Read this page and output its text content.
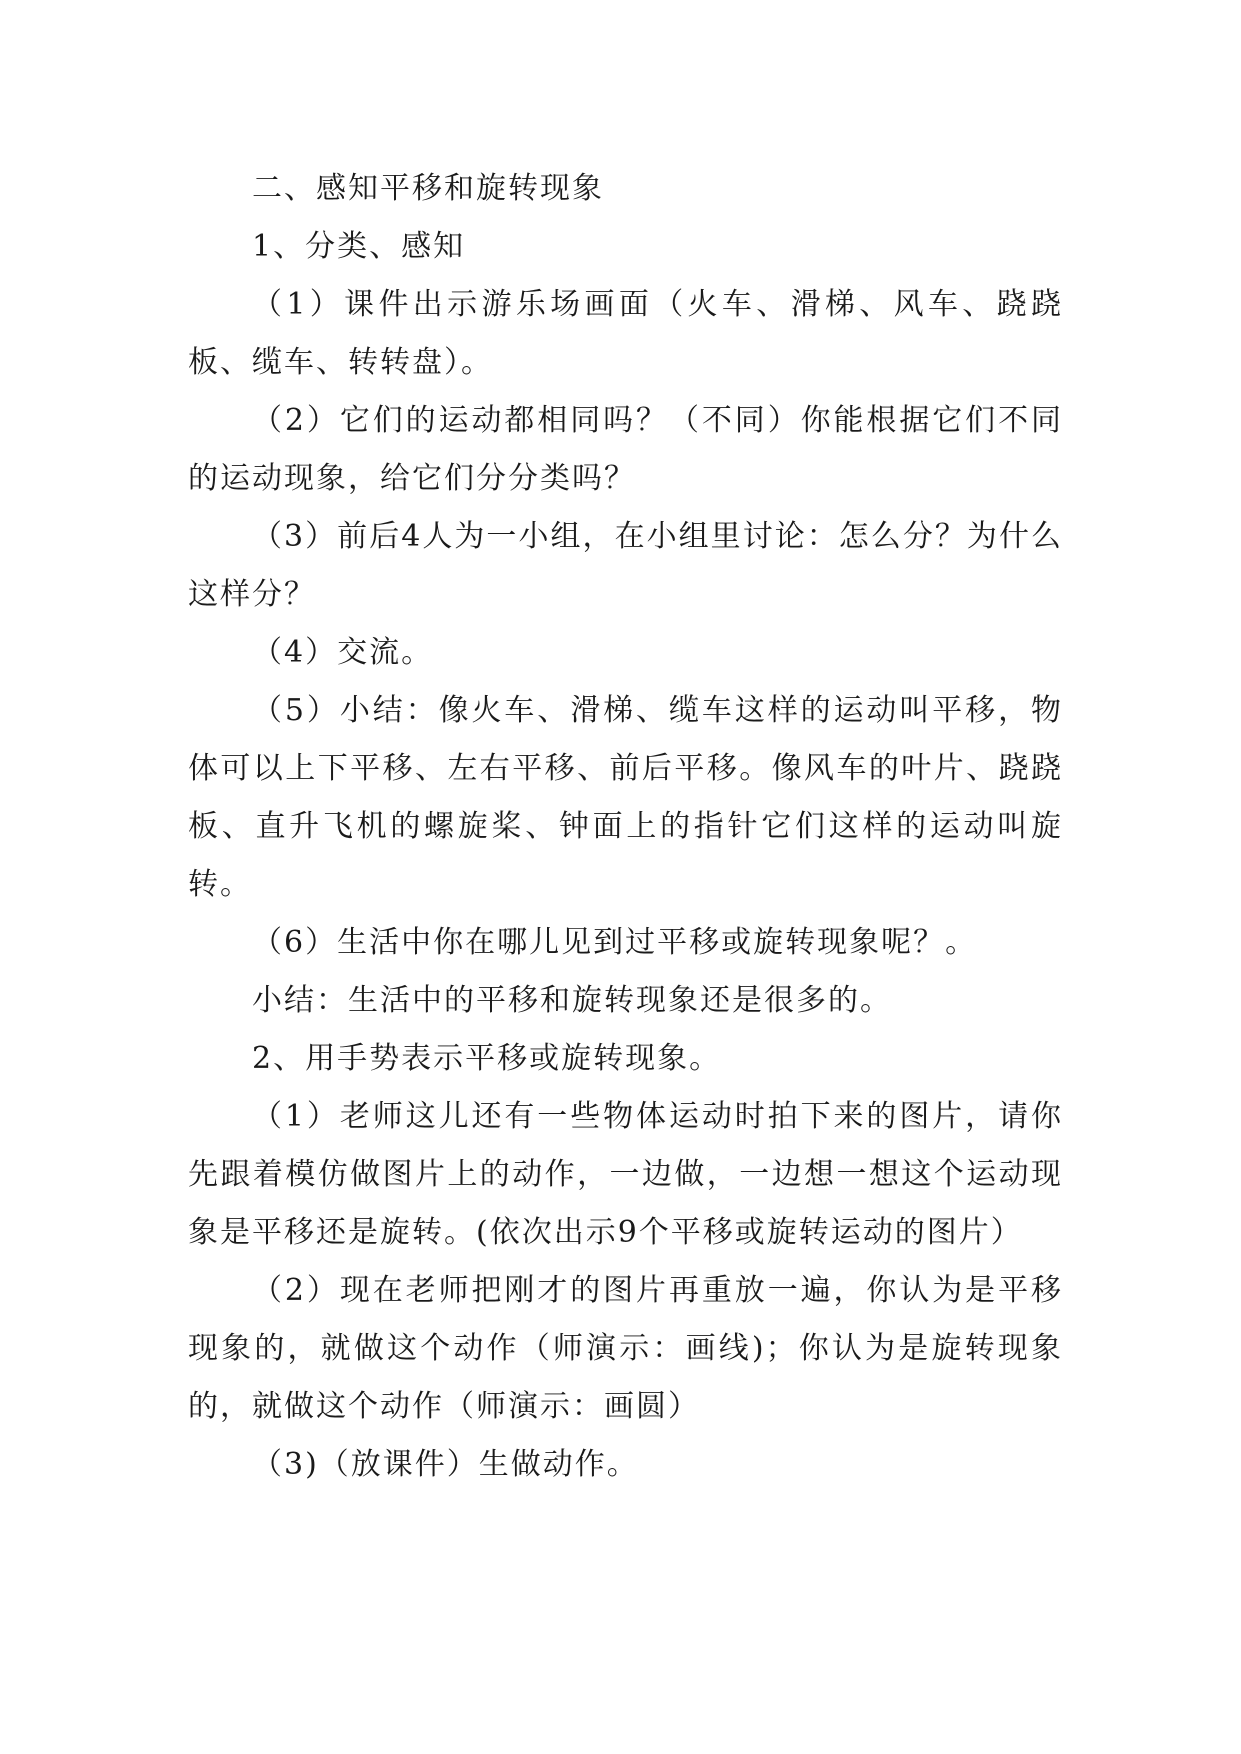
二、感知平移和旋转现象

1、分类、感知

（1）课件出示游乐场画面（火车、滑梯、风车、跷跷板、缆车、转转盘）。

（2）它们的运动都相同吗？（不同）你能根据它们不同的运动现象，给它们分分类吗？

（3）前后4人为一小组，在小组里讨论：怎么分？为什么这样分？

（4）交流。

（5）小结：像火车、滑梯、缆车这样的运动叫平移，物体可以上下平移、左右平移、前后平移。像风车的叶片、跷跷板、直升飞机的螺旋桨、钟面上的指针它们这样的运动叫旋转。

（6）生活中你在哪儿见到过平移或旋转现象呢？。

小结：生活中的平移和旋转现象还是很多的。

2、用手势表示平移或旋转现象。

（1）老师这儿还有一些物体运动时拍下来的图片，请你先跟着模仿做图片上的动作，一边做，一边想一想这个运动现象是平移还是旋转。(依次出示9个平移或旋转运动的图片）

（2）现在老师把刚才的图片再重放一遍，你认为是平移现象的，就做这个动作（师演示：画线)；你认为是旋转现象的，就做这个动作（师演示：画圆）

（3)（放课件）生做动作。
